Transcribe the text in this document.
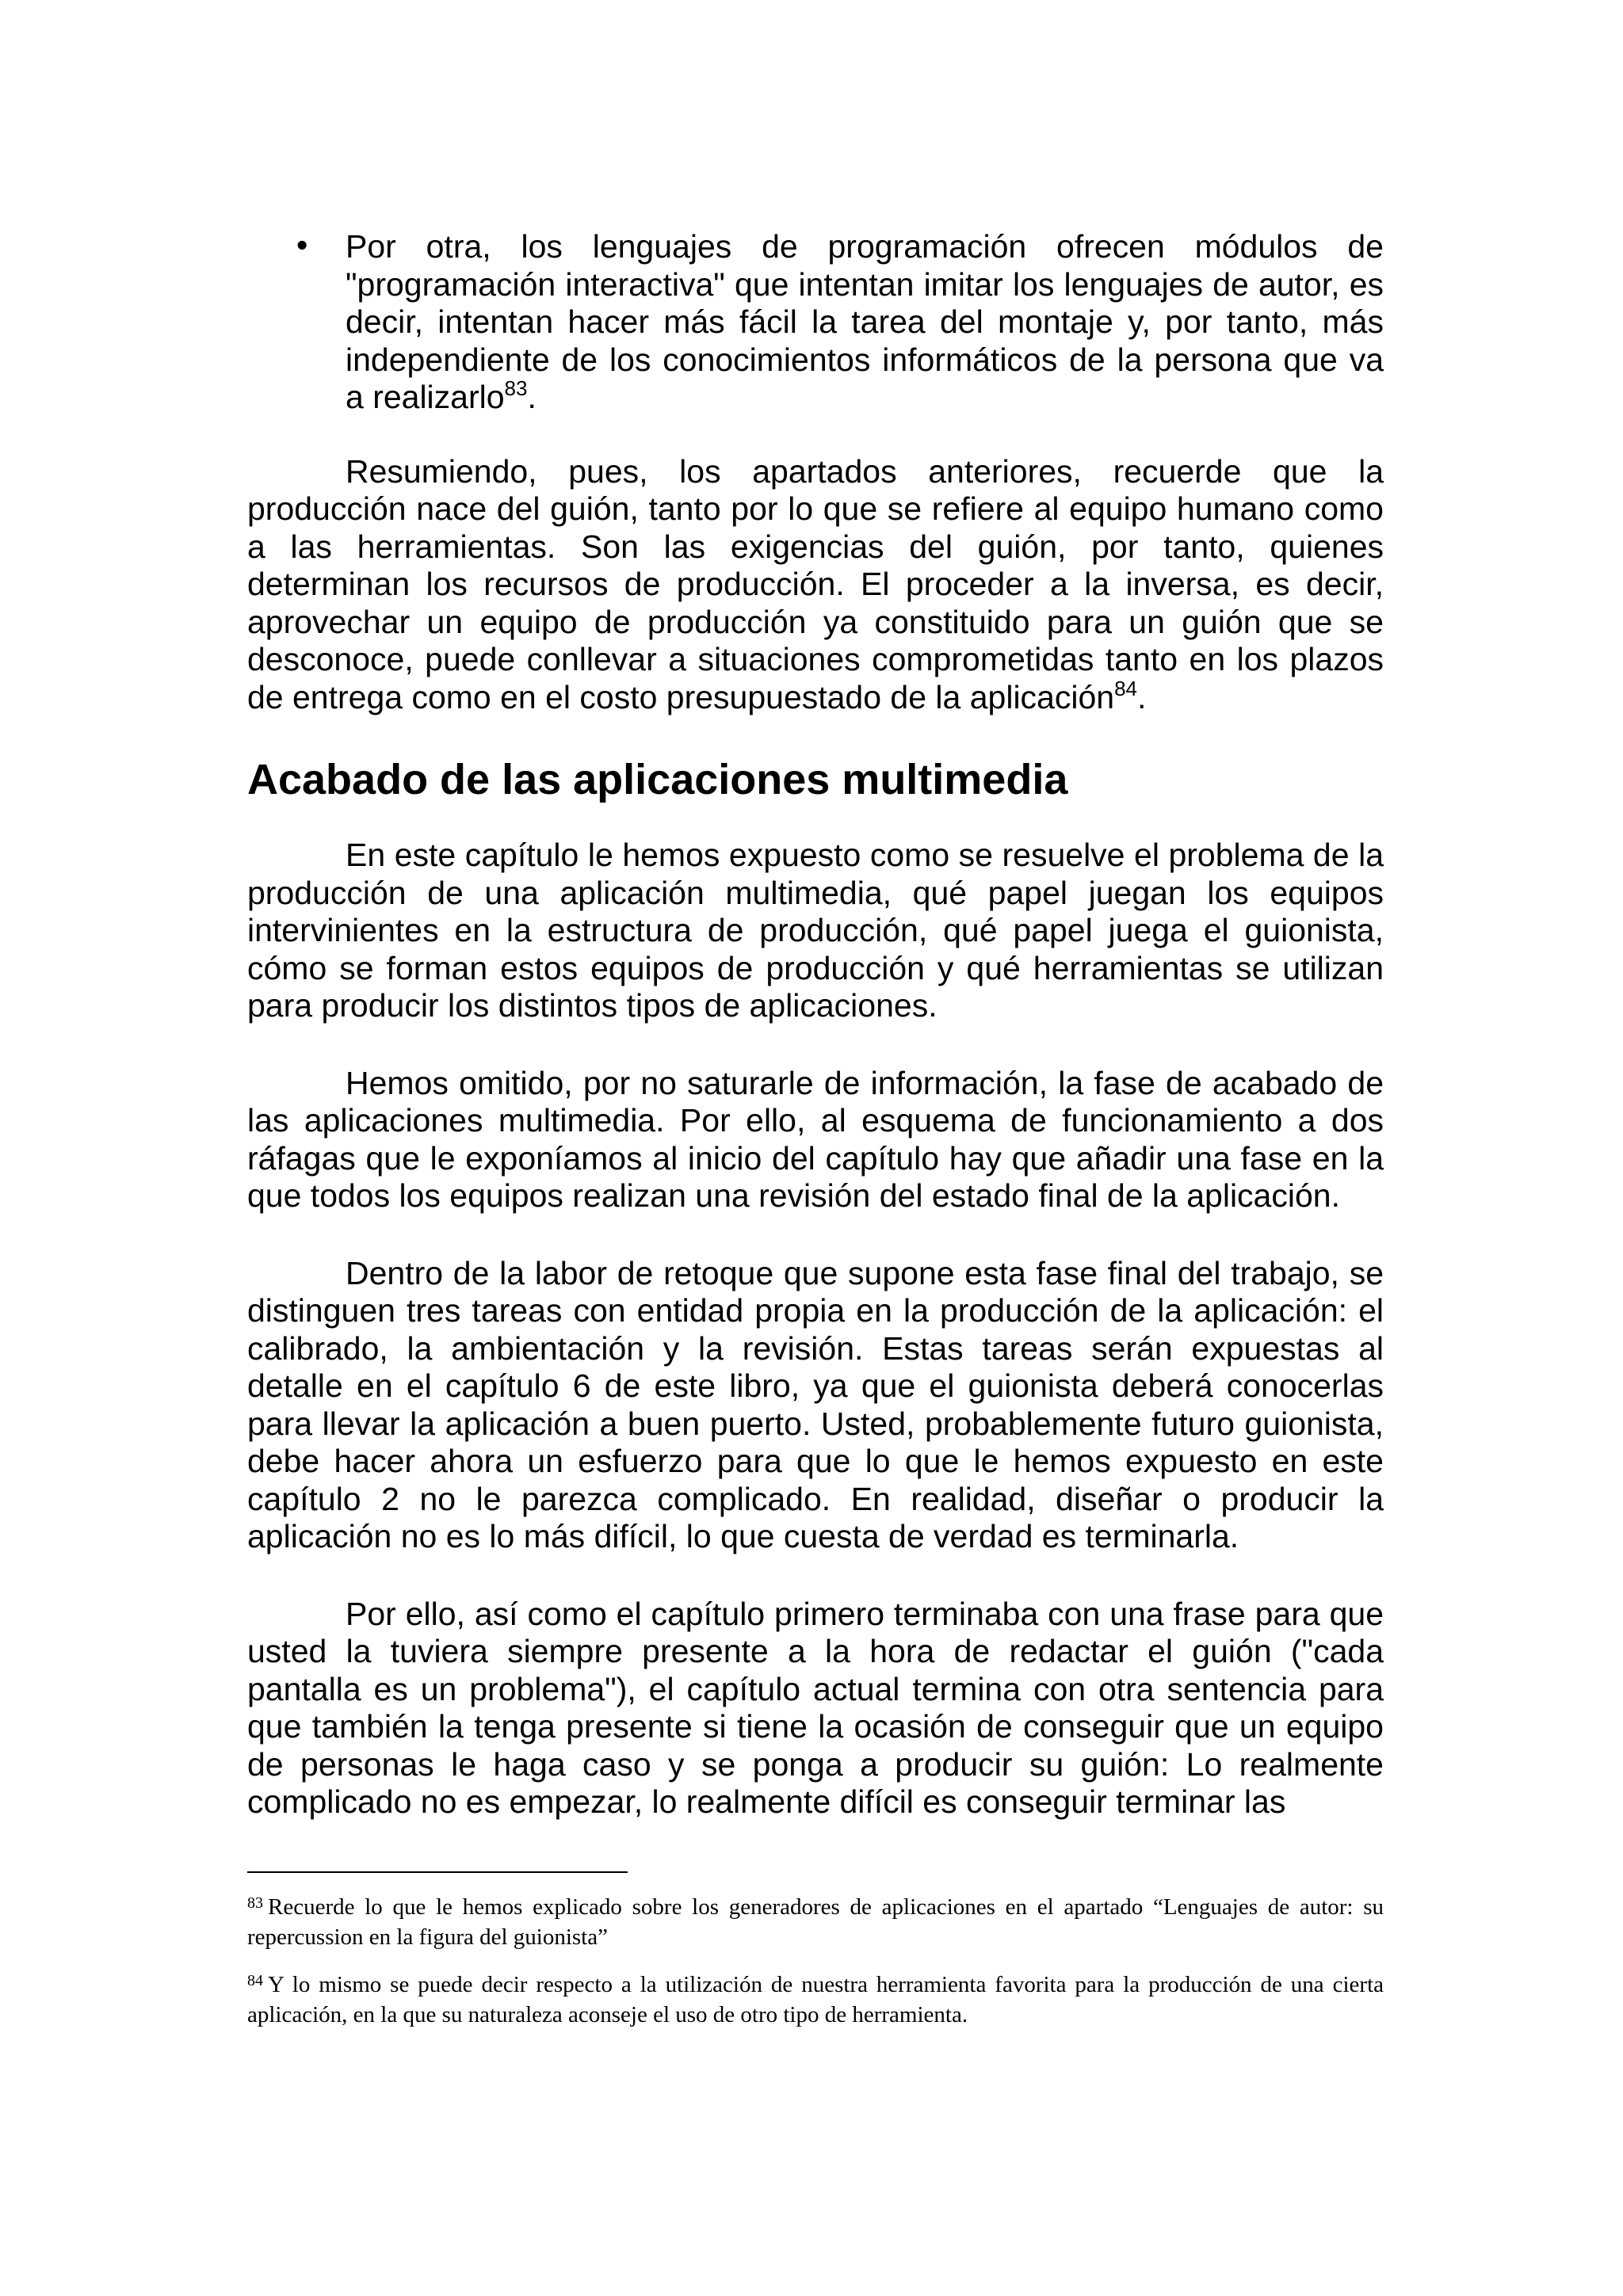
• Por otra, los lenguajes de programación ofrecen módulos de "programación interactiva" que intentan imitar los lenguajes de autor, es decir, intentan hacer más fácil la tarea del montaje y, por tanto, más independiente de los conocimientos informáticos de la persona que va a realizarlo$^{83}$.

Resumiendo, pues, los apartados anteriores, recuerde que la producción nace del guión, tanto por lo que se refiere al equipo humano como a las herramientas. Son las exigencias del guión, por tanto, quienes determinan los recursos de producción. El proceder a la inversa, es decir, aprovechar un equipo de producción ya constituido para un guión que se desconoce, puede conllevar a situaciones comprometidas tanto en los plazos de entrega como en el costo presupuestado de la aplicación$^{84}$.

Acabado de las aplicaciones multimedia

En este capítulo le hemos expuesto como se resuelve el problema de la producción de una aplicación multimedia, qué papel juegan los equipos intervinientes en la estructura de producción, qué papel juega el guionista, cómo se forman estos equipos de producción y qué herramientas se utilizan para producir los distintos tipos de aplicaciones.

Hemos omitido, por no saturarle de información, la fase de acabado de las aplicaciones multimedia. Por ello, al esquema de funcionamiento a dos ráfagas que le exponíamos al inicio del capítulo hay que añadir una fase en la que todos los equipos realizan una revisión del estado final de la aplicación.

Dentro de la labor de retoque que supone esta fase final del trabajo, se distinguen tres tareas con entidad propia en la producción de la aplicación: el calibrado, la ambientación y la revisión. Estas tareas serán expuestas al detalle en el capítulo 6 de este libro, ya que el guionista deberá conocerlas para llevar la aplicación a buen puerto. Usted, probablemente futuro guionista, debe hacer ahora un esfuerzo para que lo que le hemos expuesto en este capítulo 2 no le parezca complicado. En realidad, diseñar o producir la aplicación no es lo más difícil, lo que cuesta de verdad es terminarla.

Por ello, así como el capítulo primero terminaba con una frase para que usted la tuviera siempre presente a la hora de redactar el guión ("cada pantalla es un problema"), el capítulo actual termina con otra sentencia para que también la tenga presente si tiene la ocasión de conseguir que un equipo de personas le haga caso y se ponga a producir su guión: Lo realmente complicado no es empezar, lo realmente difícil es conseguir terminar las

$^{83}$ Recuerde lo que le hemos explicado sobre los generadores de aplicaciones en el apartado “Lenguajes de autor: su repercussion en la figura del guionista”

$^{84}$ Y lo mismo se puede decir respecto a la utilización de nuestra herramienta favorita para la producción de una cierta aplicación, en la que su naturaleza aconseje el uso de otro tipo de herramienta.
